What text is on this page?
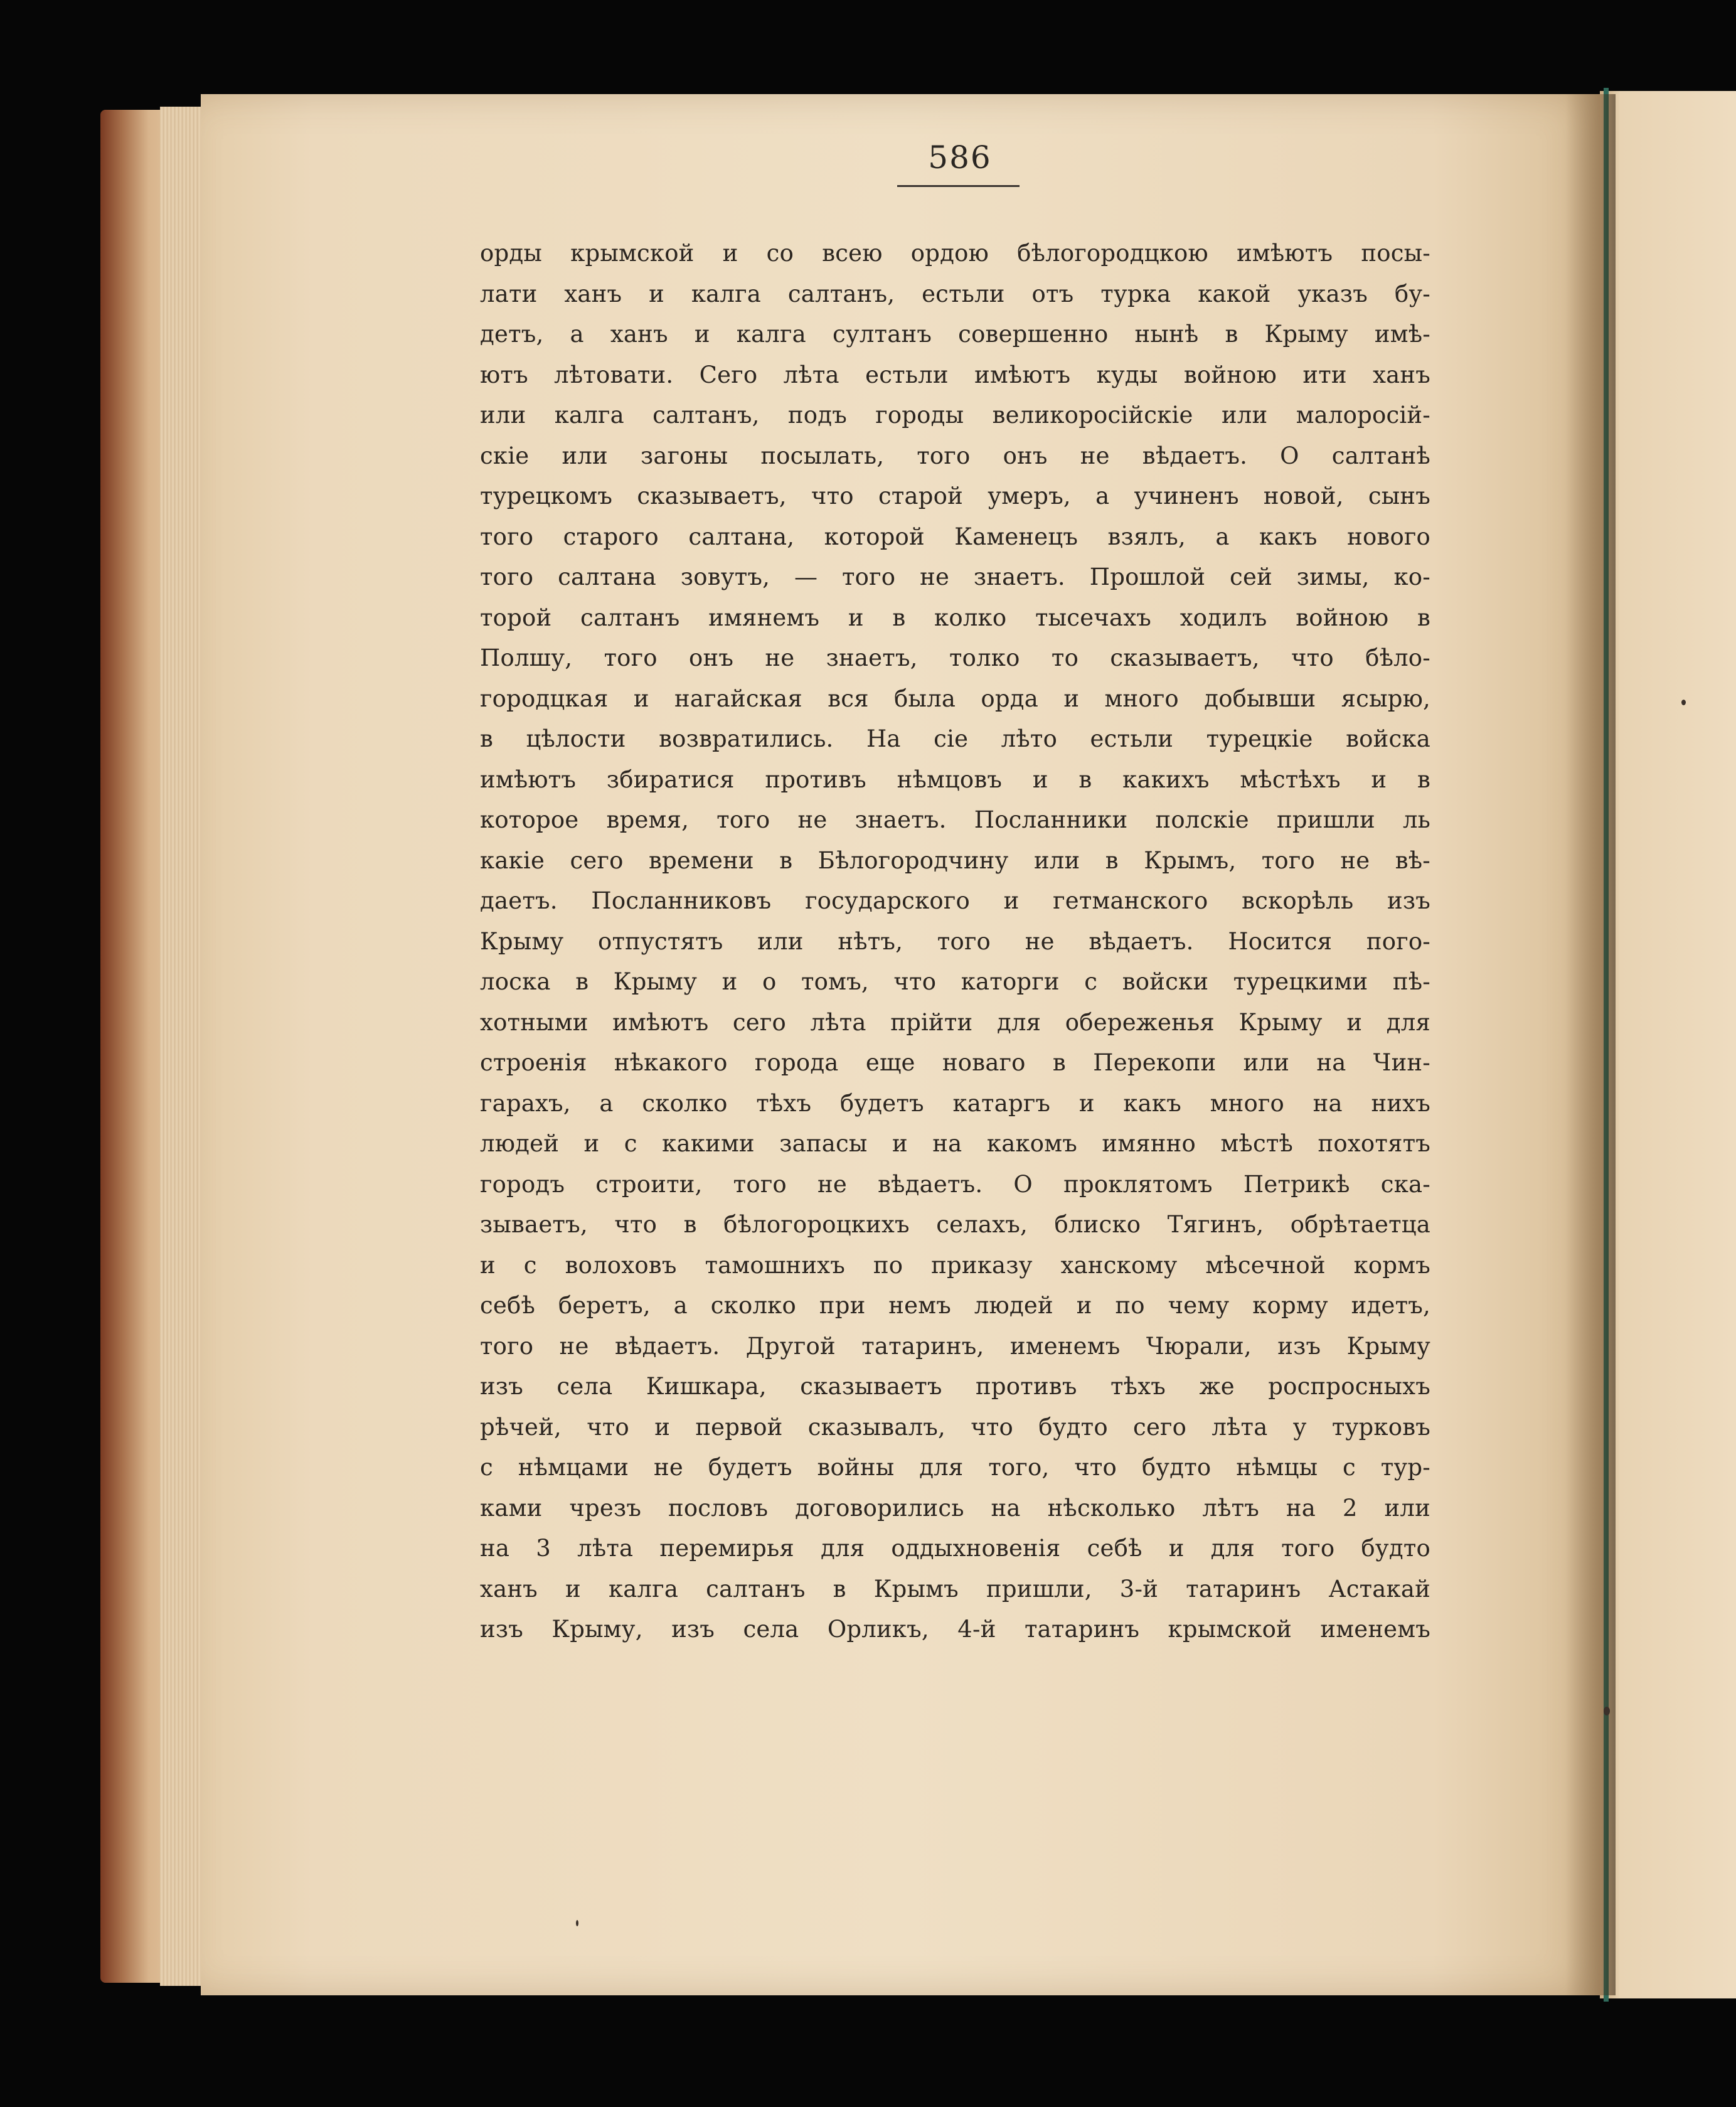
586
орды крымской и со всею ордою бѣлогородцкою имѣютъ посы-
лати ханъ и калга салтанъ, естьли отъ турка какой указъ бу-
детъ, а ханъ и калга султанъ совершенно нынѣ в Крыму имѣ-
ютъ лѣтовати. Сего лѣта естьли имѣютъ куды войною ити ханъ
или калга салтанъ, подъ городы великоросiйскiе или малоросiй-
скiе или загоны посылать, того онъ не вѣдаетъ. О салтанѣ
турецкомъ сказываетъ, что старой умеръ, а учиненъ новой, сынъ
того старого салтана, которой Каменецъ взялъ, а какъ нового
того салтана зовутъ, — того не знаетъ. Прошлой сей зимы, ко-
торой салтанъ имянемъ и в колко тысечахъ ходилъ войною в
Полшу, того онъ не знаетъ, толко то сказываетъ, что бѣло-
городцкая и нагайская вся была орда и много добывши ясырю,
в цѣлости возвратились. На сiе лѣто естьли турецкiе войска
имѣютъ збиратися противъ нѣмцовъ и в какихъ мѣстѣхъ и в
которое время, того не знаетъ. Посланники полскiе пришли ль
какiе сего времени в Бѣлогородчину или в Крымъ, того не вѣ-
даетъ. Посланниковъ государского и гетманского вскорѣль изъ
Крыму отпустятъ или нѣтъ, того не вѣдаетъ. Носится пого-
лоска в Крыму и о томъ, что каторги с войски турецкими пѣ-
хотными имѣютъ сего лѣта прiйти для обереженья Крыму и для
строенiя нѣкакого города еще новаго в Перекопи или на Чин-
гарахъ, а сколко тѣхъ будетъ катаргъ и какъ много на нихъ
людей и с какими запасы и на какомъ имянно мѣстѣ похотятъ
городъ строити, того не вѣдаетъ. О проклятомъ Петрикѣ ска-
зываетъ, что в бѣлогороцкихъ селахъ, блиско Тягинъ, обрѣтаетца
и с волоховъ тамошнихъ по приказу ханскому мѣсечной кормъ
себѣ беретъ, а сколко при немъ людей и по чему корму идетъ,
того не вѣдаетъ. Другой татаринъ, именемъ Чюрали, изъ Крыму
изъ села Кишкара, сказываетъ противъ тѣхъ же роспросныхъ
рѣчей, что и первой сказывалъ, что будто сего лѣта у турковъ
с нѣмцами не будетъ войны для того, что будто нѣмцы с тур-
ками чрезъ пословъ договорились на нѣсколько лѣтъ на 2 или
на 3 лѣта перемирья для оддыхновенiя себѣ и для того будто
ханъ и калга салтанъ в Крымъ пришли, 3-й татаринъ Астакай
изъ Крыму, изъ села Орликъ, 4-й татаринъ крымской именемъ
